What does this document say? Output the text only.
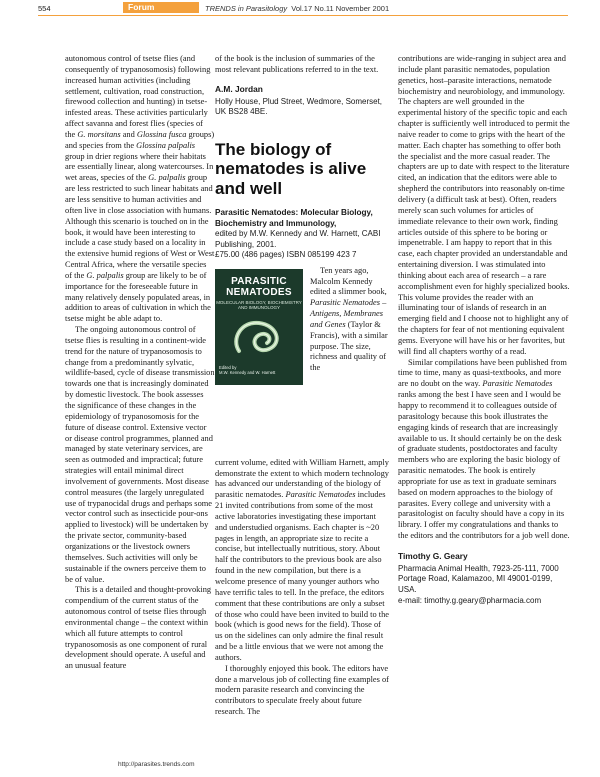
554	Forum	TRENDS in Parasitology Vol.17 No.11 November 2001

autonomous control of tsetse flies (and consequently of trypanosomosis) following increased human activities (including settlement, cultivation, road construction, firewood collection and hunting) in tsetse-infested areas. These activities particularly affect savanna and forest flies (species of the G. morsitans and Glossina fusca groups) and species from the Glossina palpalis group in drier regions where their habitats are essentially linear, along watercourses. In wet areas, species of the G. palpalis group are less restricted to such linear habitats and are less sensitive to human activities and often live in close association with humans. Although this scenario is touched on in the book, it would have been interesting to include a case study based on a locality in the extensive humid regions of West or West Central Africa, where the versatile species of the G. palpalis group are likely to be of importance for the foreseeable future in many relatively densely populated areas, in addition to areas of cultivation in which the tsetse might be able adapt to.

The ongoing autonomous control of tsetse flies is resulting in a continent-wide trend for the nature of trypanosomosis to change from a predominantly sylvatic, wildlife-based, cycle of disease transmission towards one that is increasingly dominated by domestic livestock. The book assesses the significance of these changes in the epidemiology of trypanosomosis for the future of disease control. Extensive vector or disease control programmes, planned and managed by state veterinary services, are seen as outmoded and impractical; future strategies will entail minimal direct involvement of governments. Most disease control measures (the largely unregulated use of trypanocidal drugs and perhaps some vector control such as insecticide pour-ons applied to livestock) will be undertaken by the private sector, community-based organizations or the livestock owners themselves. Such activities will only be sustainable if the owners perceive them to be of value.

This is a detailed and thought-provoking compendium of the current status of the autonomous control of tsetse flies through environmental change – the context within which all future attempts to control trypanosomosis as one component of rural development should operate. A useful and an unusual feature

of the book is the inclusion of summaries of the most relevant publications referred to in the text.

A.M. Jordan

Holly House, Plud Street, Wedmore, Somerset, UK BS28 4BE.

The biology of nematodes is alive and well

Parasitic Nematodes: Molecular Biology, Biochemistry and Immunology,

edited by M.W. Kennedy and W. Harnett, CABI Publishing, 2001.

£75.00 (486 pages) ISBN 085199 423 7

PARASITIC NEMATODES
MOLECULAR BIOLOGY, BIOCHEMISTRY AND IMMUNOLOGY
Edited by
M.W. Kennedy and W. Harnett

Ten years ago, Malcolm Kennedy edited a slimmer book, Parasitic Nematodes – Antigens, Membranes and Genes (Taylor & Francis), with a similar purpose. The size, richness and quality of the

current volume, edited with William Harnett, amply demonstrate the extent to which modern technology has advanced our understanding of the biology of parasitic nematodes. Parasitic Nematodes includes 21 invited contributions from some of the most active laboratories investigating these important and understudied organisms. Each chapter is ~20 pages in length, an appropriate size to recite a concise, but intellectually nutritious, story. About half the contributors to the previous book are also found in the new compilation, but there is a welcome presence of many younger authors who have terrific tales to tell. In the preface, the editors comment that these contributions are only a subset of those who could have been invited to build to the book (which is good news for the field). Those of us on the sidelines can only admire the final result and be a little envious that we were not among the authors.

I thoroughly enjoyed this book. The editors have done a marvelous job of collecting fine examples of modern parasite research and convincing the contributors to speculate freely about future research. The

contributions are wide-ranging in subject area and include plant parasitic nematodes, population genetics, host–parasite interactions, nematode biochemistry and neurobiology, and immunology. The chapters are well grounded in the experimental history of the specific topic and each chapter is sufficiently well introduced to permit the naive reader to come to grips with the heart of the matter. Each chapter has something to offer both the specialist and the more casual reader. The chapters are up to date with respect to the literature cited, an indication that the editors were able to shepherd the contributors into reasonably on-time delivery (a difficult task at best). Often, readers merely scan such volumes for articles of immediate relevance to their own work, finding articles outside of this sphere to be boring or impenetrable. I am happy to report that in this case, each chapter provided an understandable and entertaining diversion. I was stimulated into thinking about each area of research – a rare accomplishment even for highly specialized books. This volume provides the reader with an illuminating tour of islands of research in an emerging field and I choose not to highlight any of the chapters for fear of not mentioning equivalent gems. Everyone will have his or her favorites, but will find all chapters worthy of a read.

Similar compilations have been published from time to time, many as quasi-textbooks, and more are no doubt on the way. Parasitic Nematodes ranks among the best I have seen and I would be happy to recommend it to colleagues outside of parasitology because this book illustrates the engaging kinds of research that are increasingly available to us. It should certainly be on the desk of graduate students, postdoctorates and faculty members who are exploring the basic biology of parasitic nematodes. The book is entirely appropriate for use as text in graduate seminars based on modern approaches to the biology of parasites. Every college and university with a parasitologist on faculty should have a copy in its library. I offer my congratulations and thanks to the editors and the contributors for a job well done.

Timothy G. Geary

Pharmacia Animal Health, 7923-25-111, 7000 Portage Road, Kalamazoo, MI 49001-0199, USA.

e-mail: timothy.g.geary@pharmacia.com

http://parasites.trends.com
